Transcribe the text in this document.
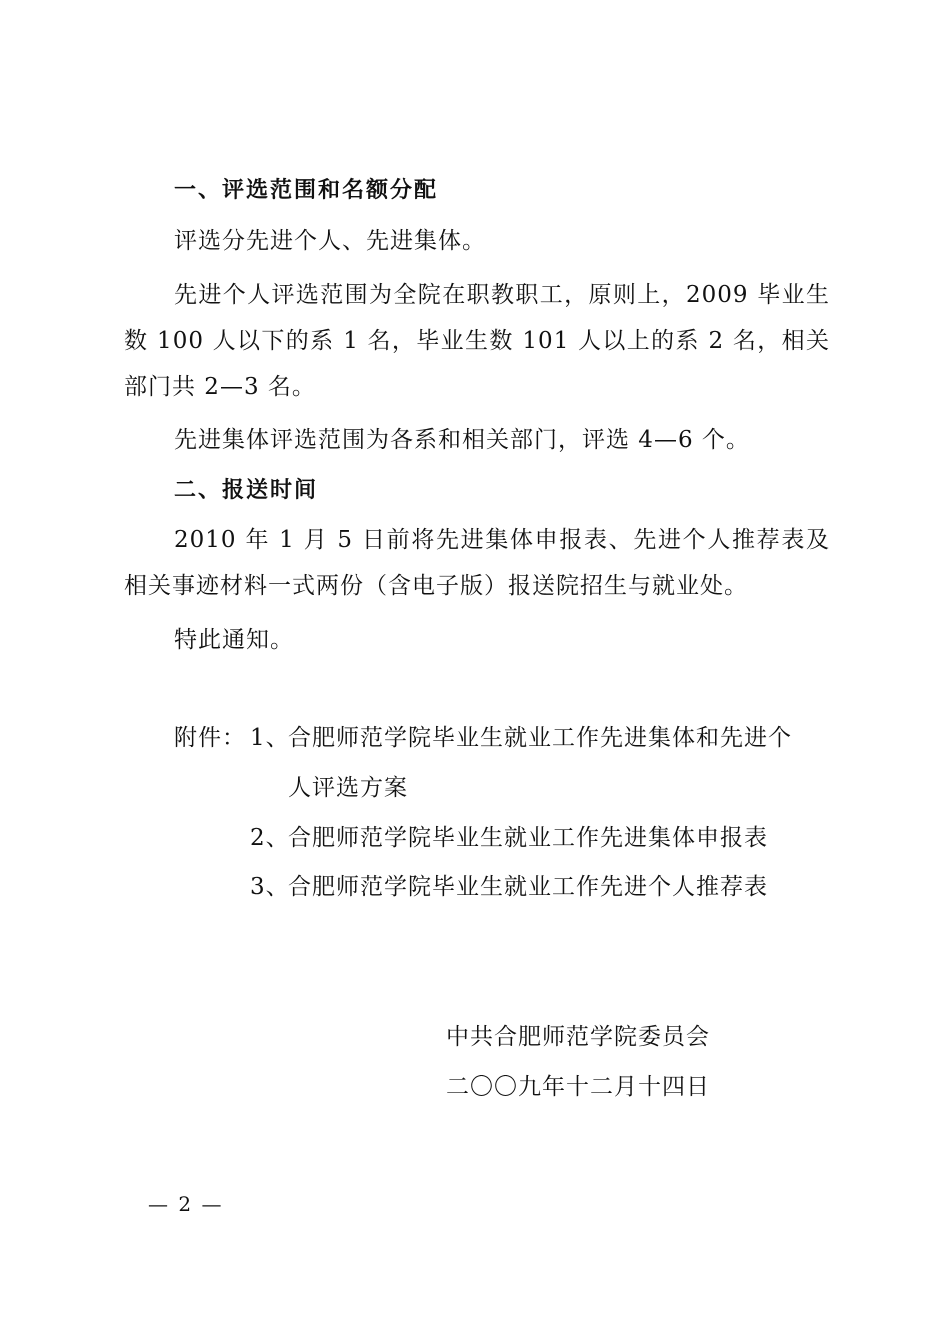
一、评选范围和名额分配
评选分先进个人、先进集体。

先进个人评选范围为全院在职教职工，原则上，2009 毕业生数 100 人以下的系 1 名，毕业生数 101 人以上的系 2 名，相关部门共 2—3 名。

先进集体评选范围为各系和相关部门，评选 4—6 个。
二、报送时间

2010 年 1 月 5 日前将先进集体申报表、先进个人推荐表及相关事迹材料一式两份（含电子版）报送院招生与就业处。

特此通知。
附件： 1、
合肥师范学院毕业生就业工作先进集体和先进个
人评选方案
2、
合肥师范学院毕业生就业工作先进集体申报表
3、
合肥师范学院毕业生就业工作先进个人推荐表
中共合肥师范学院委员会
二〇〇九年十二月十四日
— 2 —
